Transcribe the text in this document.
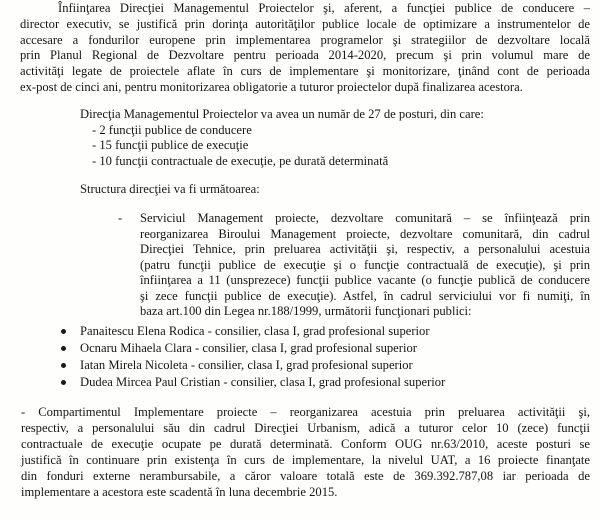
Înfiinţarea Direcţiei Managementul Proiectelor şi, aferent, a funcţiei publice de conducere –
director executiv, se justifică prin dorinţa autorităţilor publice locale de optimizare a instrumentelor de
accesare a fondurilor europene prin implementarea programelor şi strategiilor de dezvoltare locală
prin Planul Regional de Dezvoltare pentru perioada 2014-2020, precum şi prin volumul mare de
activităţi legate de proiectele aflate în curs de implementare şi monitorizare, ţinând cont de perioada
ex-post de cinci ani, pentru monitorizarea obligatorie a tuturor proiectelor după finalizarea acestora.
Direcţia Managementul Proiectelor va avea un număr de 27 de posturi, din care:
- 2 funcţii publice de conducere
- 15 funcţii publice de execuţie
- 10 funcţii contractuale de execuţie, pe durată determinată
Structura direcţiei va fi următoarea:
- Serviciul Management proiecte, dezvoltare comunitară – se înfiinţează prin
reorganizarea Biroului Management proiecte, dezvoltare comunitară, din cadrul
Direcţiei Tehnice, prin preluarea activităţii şi, respectiv, a personalului acestuia
(patru funcţii publice de execuţie şi o funcţie contractuală de execuţie), şi prin
înfiinţarea a 11 (unsprezece) funcţii publice vacante (o funcţie publică de conducere
şi zece funcţii publice de execuţie). Astfel, în cadrul serviciului vor fi numiţi, în
baza art.100 din Legea nr.188/1999, următorii funcţionari publici:
Panaitescu Elena Rodica - consilier, clasa I, grad profesional superior
Ocnaru Mihaela Clara - consilier, clasa I, grad profesional superior
Iatan Mirela Nicoleta - consilier, clasa I, grad profesional superior
Dudea Mircea Paul Cristian - consilier, clasa I, grad profesional superior
- Compartimentul Implementare proiecte – reorganizarea acestuia prin preluarea activităţii şi,
respectiv, a personalului său din cadrul Direcţiei Urbanism, adică a tuturor celor 10 (zece) funcţii
contractuale de execuţie ocupate pe durată determinată. Conform OUG nr.63/2010, aceste posturi se
justifică în continuare prin existenţa în curs de implementare, la nivelul UAT, a 16 proiecte finanţate
din fonduri externe nerambursabile, a căror valoare totală este de 369.392.787,08 iar perioada de
implementare a acestora este scadentă în luna decembrie 2015.
